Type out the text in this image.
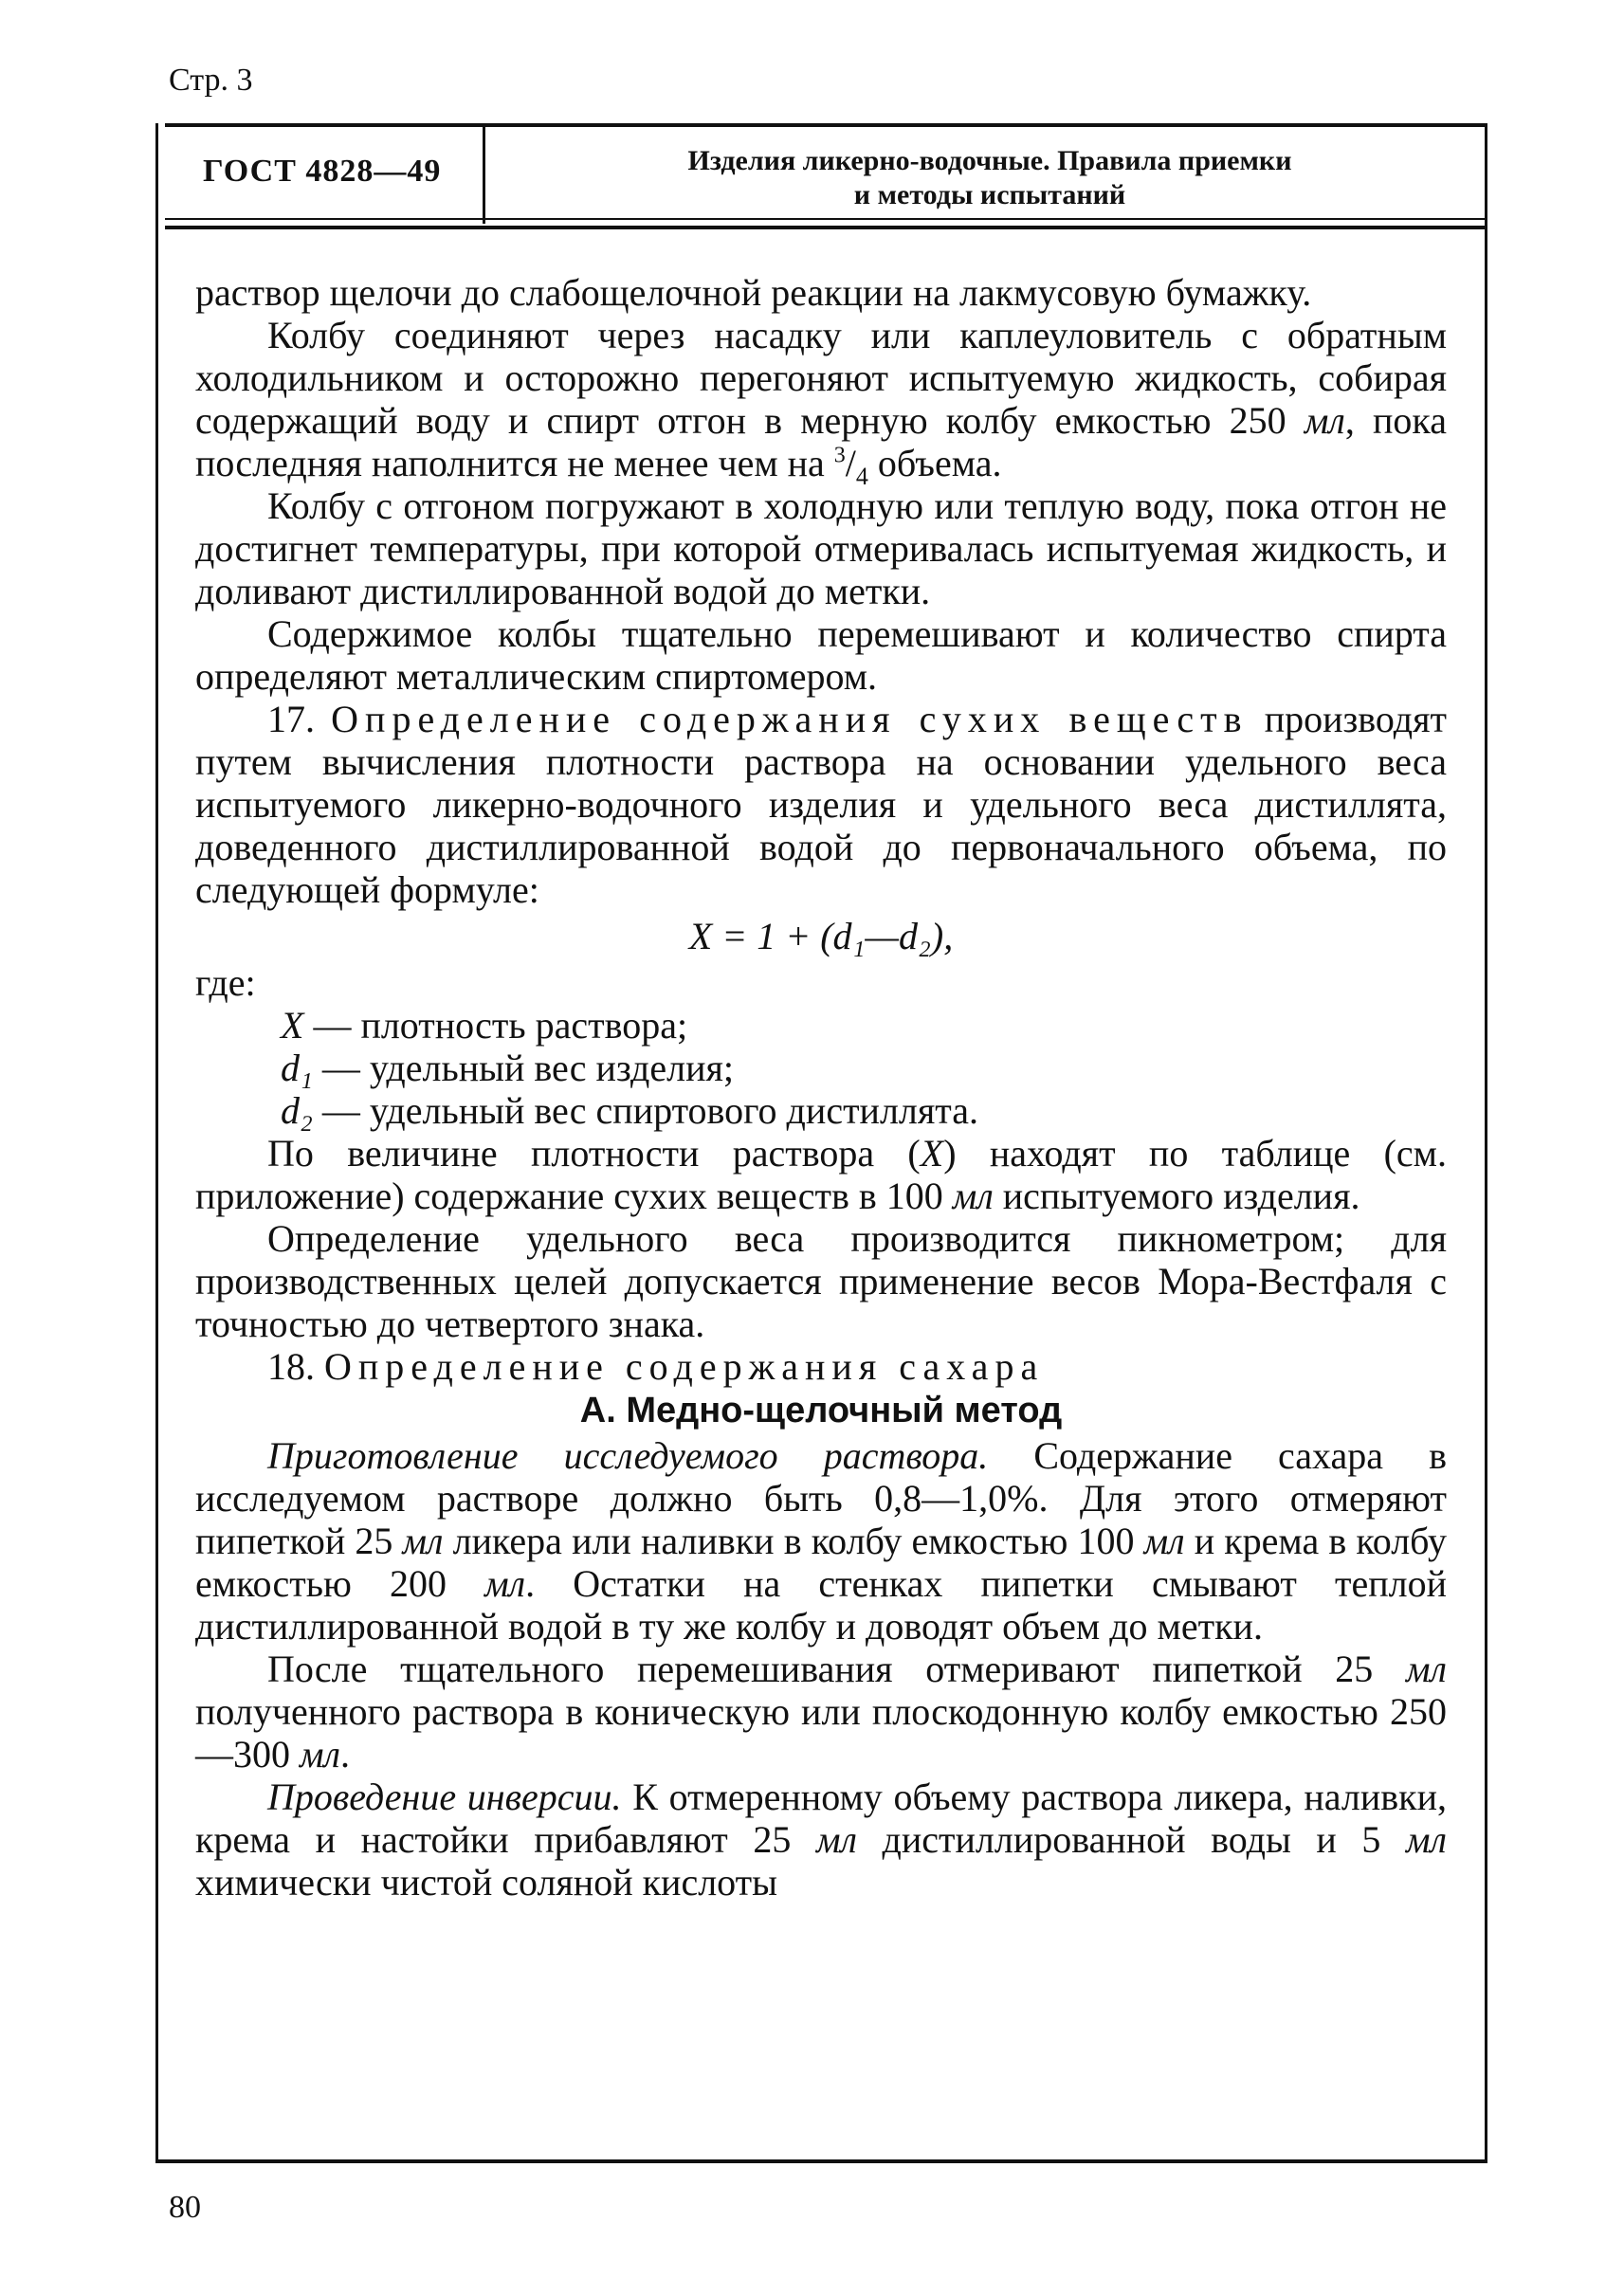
Стр. 3
ГОСТ 4828—49	Изделия ликерно-водочные. Правила приемки
и методы испытаний

раствор щелочи до слабощелочной реакции на лакмусовую бумажку.

Колбу соединяют через насадку или каплеуловитель с обратным холодильником и осторожно перегоняют испытуемую жидкость, собирая содержащий воду и спирт отгон в мерную колбу емкостью 250 мл, пока последняя наполнится не менее чем на $^3/_4$ объема.

Колбу с отгоном погружают в холодную или теплую воду, пока отгон не достигнет температуры, при которой отмеривалась испытуемая жидкость, и доливают дистиллированной водой до метки.

Содержимое колбы тщательно перемешивают и количество спирта определяют металлическим спиртомером.

17. Определение содержания сухих веществ производят путем вычисления плотности раствора на основании удельного веса испытуемого ликерно-водочного изделия и удельного веса дистиллята, доведенного дистиллированной водой до первоначального объема, по следующей формуле:

X = 1 + (d₁—d₂),

где:

X — плотность раствора;

d₁ — удельный вес изделия;

d₂ — удельный вес спиртового дистиллята.

По величине плотности раствора (X) находят по таблице (см. приложение) содержание сухих веществ в 100 мл испытуемого изделия.

Определение удельного веса производится пикнометром; для производственных целей допускается применение весов Мора-Вестфаля с точностью до четвертого знака.

18. Определение содержания сахара

А. Медно-щелочный метод

Приготовление исследуемого раствора. Содержание сахара в исследуемом растворе должно быть 0,8—1,0%. Для этого отмеряют пипеткой 25 мл ликера или наливки в колбу емкостью 100 мл и крема в колбу емкостью 200 мл. Остатки на стенках пипетки смывают теплой дистиллированной водой в ту же колбу и доводят объем до метки.

После тщательного перемешивания отмеривают пипеткой 25 мл полученного раствора в коническую или плоскодонную колбу емкостью 250—300 мл.

Проведение инверсии. К отмеренному объему раствора ликера, наливки, крема и настойки прибавляют 25 мл дистиллированной воды и 5 мл химически чистой соляной кислоты

80
